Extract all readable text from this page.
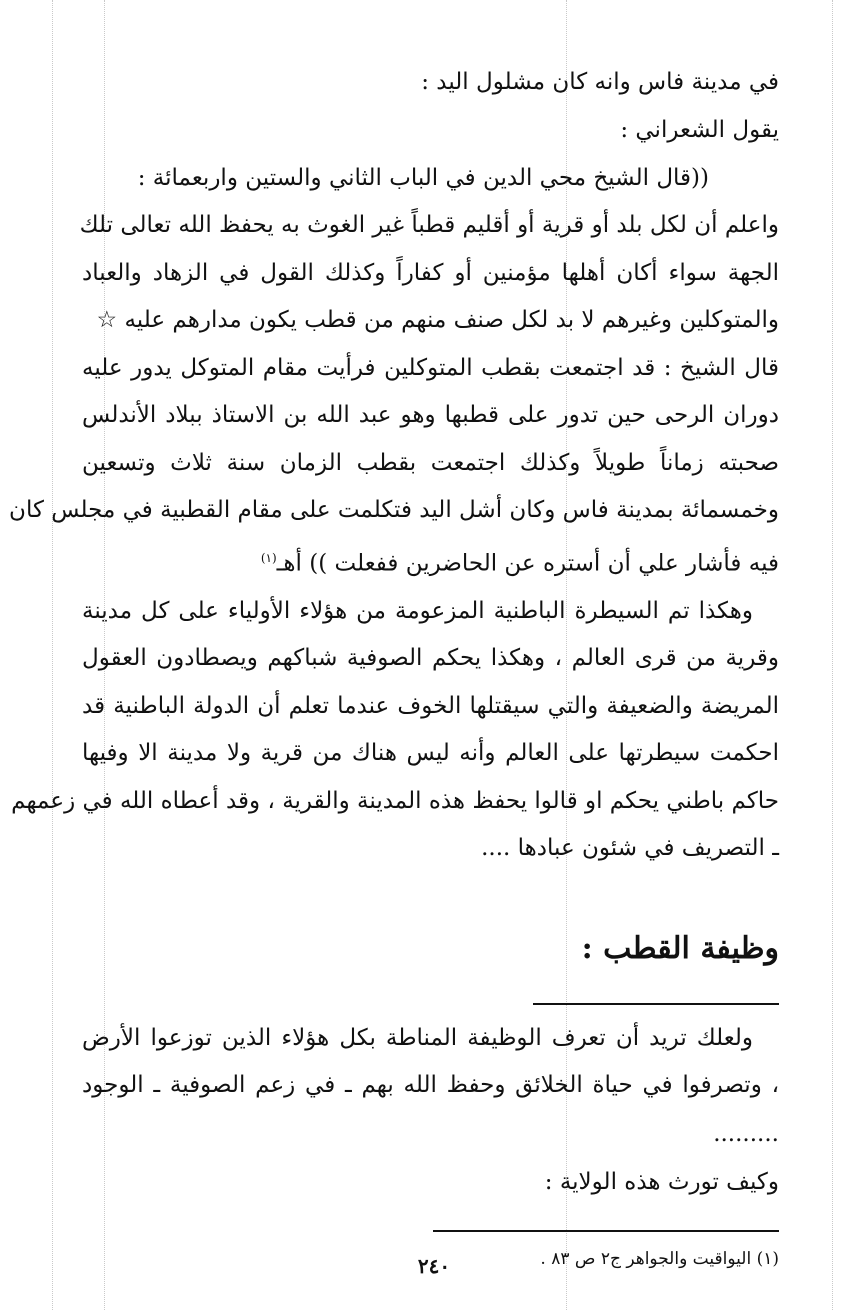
في مدينة فاس وانه كان مشلول اليد :
يقول الشعراني :
((قال الشيخ محي الدين في الباب الثاني والستين واربعمائة :
واعلم أن لكل بلد أو قرية أو أقليم قطباً غير الغوث به يحفظ الله تعالى تلك
الجهة سواء أكان أهلها مؤمنين أو كفاراً وكذلك القول في الزهاد والعباد
والمتوكلين وغيرهم لا بد لكل صنف منهم من قطب يكون مدارهم عليه ☆
قال الشيخ : قد اجتمعت بقطب المتوكلين فرأيت مقام المتوكل يدور عليه
دوران الرحى حين تدور على قطبها وهو عبد الله بن الاستاذ ببلاد الأندلس
صحبته زماناً طويلاً وكذلك اجتمعت بقطب الزمان سنة ثلاث وتسعين
وخمسمائة بمدينة فاس وكان أشل اليد فتكلمت على مقام القطبية في مجلس كان
فيه فأشار علي أن أستره عن الحاضرين ففعلت )) أهـ$^{(١)}$
وهكذا تم السيطرة الباطنية المزعومة من هؤلاء الأولياء على كل مدينة
وقرية من قرى العالم ، وهكذا يحكم الصوفية شباكهم ويصطادون العقول
المريضة والضعيفة والتي سيقتلها الخوف عندما تعلم أن الدولة الباطنية قد
احكمت سيطرتها على العالم وأنه ليس هناك من قرية ولا مدينة الا وفيها
حاكم باطني يحكم او قالوا يحفظ هذه المدينة والقرية ، وقد أعطاه الله في زعمهم
ـ التصريف في شئون عبادها ....
وظيفة القطب :
ولعلك تريد أن تعرف الوظيفة المناطة بكل هؤلاء الذين توزعوا الأرض
، وتصرفوا في حياة الخلائق وحفظ الله بهم ـ في زعم الصوفية ـ الوجود
.........
وكيف تورث هذه الولاية :
(١) اليواقيت والجواهر ج٢ ص ٨٣ .
٢٤٠
